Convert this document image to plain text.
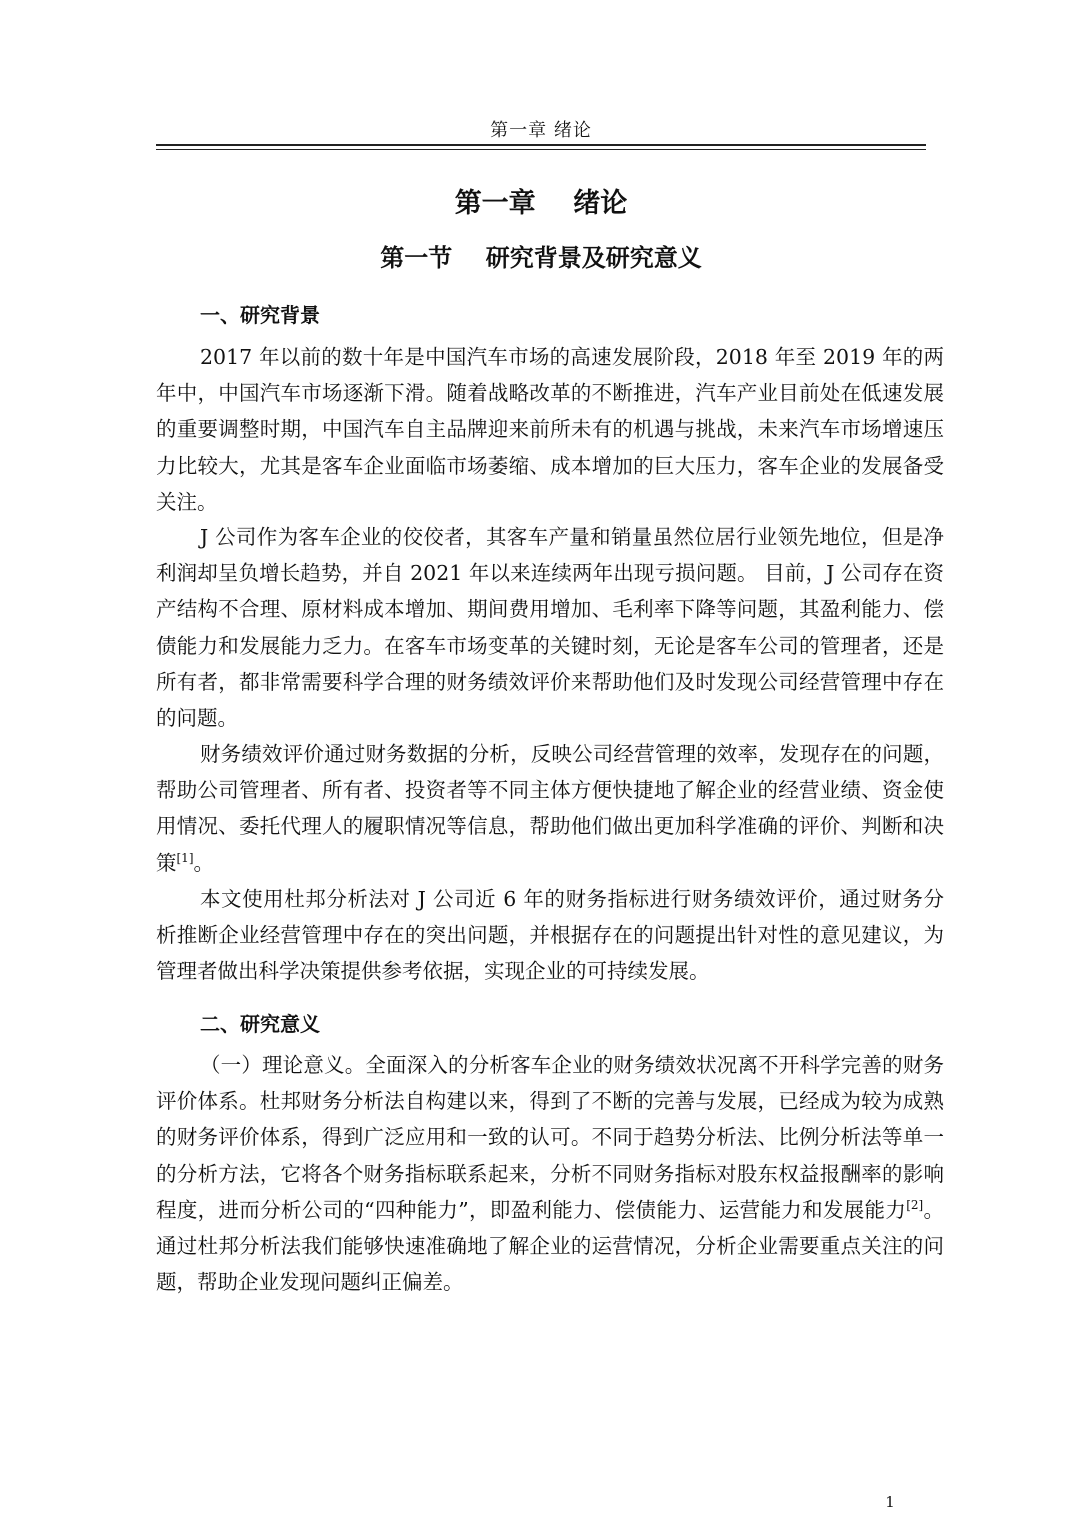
第一章 绪论
第一章    绪论
第一节    研究背景及研究意义
一、研究背景
2017 年以前的数十年是中国汽车市场的高速发展阶段，2018 年至 2019 年的两年中，中国汽车市场逐渐下滑。随着战略改革的不断推进，汽车产业目前处在低速发展的重要调整时期，中国汽车自主品牌迎来前所未有的机遇与挑战，未来汽车市场增速压力比较大，尤其是客车企业面临市场萎缩、成本增加的巨大压力，客车企业的发展备受关注。
J 公司作为客车企业的佼佼者，其客车产量和销量虽然位居行业领先地位，但是净利润却呈负增长趋势，并自 2021 年以来连续两年出现亏损问题。 目前，J 公司存在资产结构不合理、原材料成本增加、期间费用增加、毛利率下降等问题，其盈利能力、偿债能力和发展能力乏力。在客车市场变革的关键时刻，无论是客车公司的管理者，还是所有者，都非常需要科学合理的财务绩效评价来帮助他们及时发现公司经营管理中存在的问题。
财务绩效评价通过财务数据的分析，反映公司经营管理的效率，发现存在的问题，帮助公司管理者、所有者、投资者等不同主体方便快捷地了解企业的经营业绩、资金使用情况、委托代理人的履职情况等信息，帮助他们做出更加科学准确的评价、判断和决策[1]。
本文使用杜邦分析法对 J 公司近 6 年的财务指标进行财务绩效评价，通过财务分析推断企业经营管理中存在的突出问题，并根据存在的问题提出针对性的意见建议，为管理者做出科学决策提供参考依据，实现企业的可持续发展。
二、研究意义
（一）理论意义。全面深入的分析客车企业的财务绩效状况离不开科学完善的财务评价体系。杜邦财务分析法自构建以来，得到了不断的完善与发展，已经成为较为成熟的财务评价体系，得到广泛应用和一致的认可。不同于趋势分析法、比例分析法等单一的分析方法，它将各个财务指标联系起来，分析不同财务指标对股东权益报酬率的影响程度，进而分析公司的“四种能力”，即盈利能力、偿债能力、运营能力和发展能力[2]。通过杜邦分析法我们能够快速准确地了解企业的运营情况，分析企业需要重点关注的问题，帮助企业发现问题纠正偏差。
1
